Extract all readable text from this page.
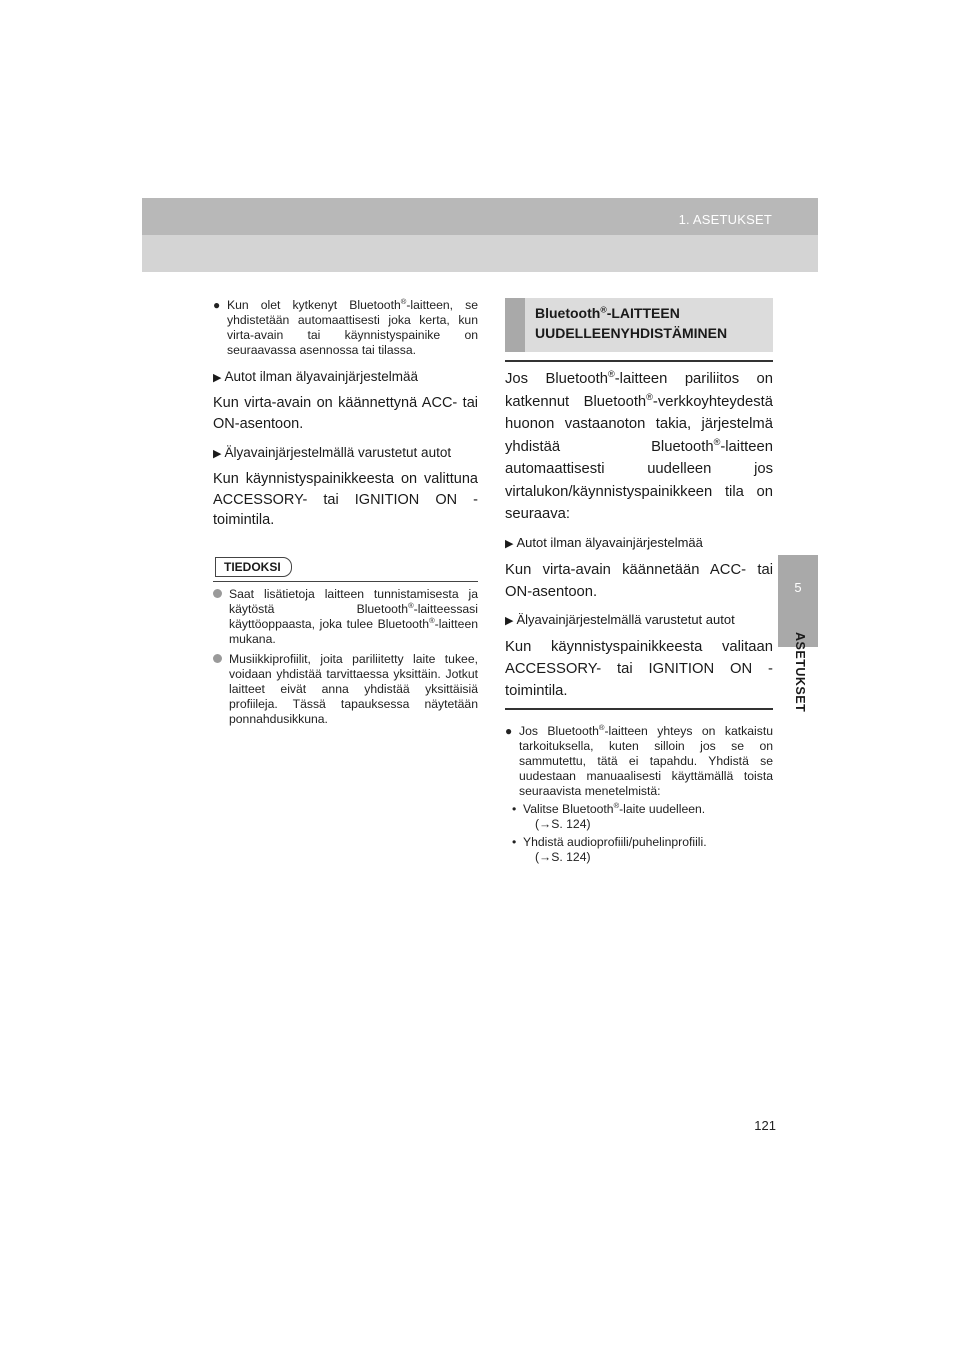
1. ASETUKSET
5
ASETUKSET
● Kun olet kytkenyt Bluetooth®-laitteen, se yhdistetään automaattisesti joka kerta, kun virta-avain tai käynnistyspainike on seuraavassa asennossa tai tilassa.
▶ Autot ilman älyavainjärjestelmää
Kun virta-avain on käännettynä ACC- tai ON-asentoon.
▶ Älyavainjärjestelmällä varustetut autot
Kun käynnistyspainikkeesta on valittuna ACCESSORY- tai IGNITION ON -toimintila.
TIEDOKSI
Saat lisätietoja laitteen tunnistamisesta ja käytöstä Bluetooth®-laitteessasi käyttöoppaasta, joka tulee Bluetooth®-laitteen mukana.
Musiikkiprofiilit, joita pariliitetty laite tukee, voidaan yhdistää tarvittaessa yksittäin. Jotkut laitteet eivät anna yhdistää yksittäisiä profiileja. Tässä tapauksessa näytetään ponnahdusikkuna.
Bluetooth®-LAITTEEN UUDELLEENYHDISTÄMINEN
Jos Bluetooth®-laitteen pariliitos on katkennut Bluetooth®-verkkoyhteydestä huonon vastaanoton takia, järjestelmä yhdistää Bluetooth®-laitteen automaattisesti uudelleen jos virtalukon/käynnistyspainikkeen tila on seuraava:
▶ Autot ilman älyavainjärjestelmää
Kun virta-avain käännetään ACC- tai ON-asentoon.
▶ Älyavainjärjestelmällä varustetut autot
Kun käynnistyspainikkeesta valitaan ACCESSORY- tai IGNITION ON -toimintila.
● Jos Bluetooth®-laitteen yhteys on katkaistu tarkoituksella, kuten silloin jos se on sammutettu, tätä ei tapahdu. Yhdistä se uudestaan manuaalisesti käyttämällä toista seuraavista menetelmistä:
• Valitse Bluetooth®-laite uudelleen.
(→S. 124)
• Yhdistä audioprofiili/puhelinprofiili.
(→S. 124)
121
